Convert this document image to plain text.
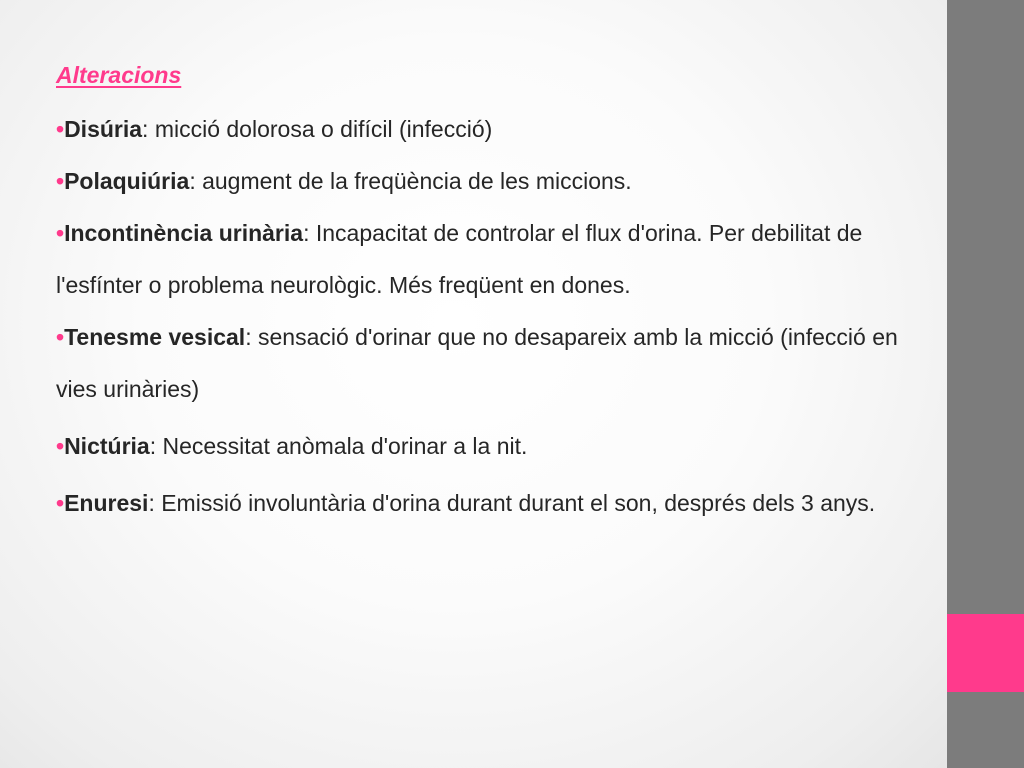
Alteracions

•Disúria: micció dolorosa o difícil (infecció)

•Polaquiúria: augment de la freqüència de les miccions.

•Incontinència urinària: Incapacitat de controlar el flux d'orina. Per debilitat de l'esfínter o problema neurològic. Més freqüent en dones.

•Tenesme vesical: sensació d'orinar que no desapareix amb la micció (infecció en vies urinàries)

•Nictúria: Necessitat anòmala d'orinar a la nit.

•Enuresi: Emissió involuntària d'orina durant durant el son, després dels 3 anys.
